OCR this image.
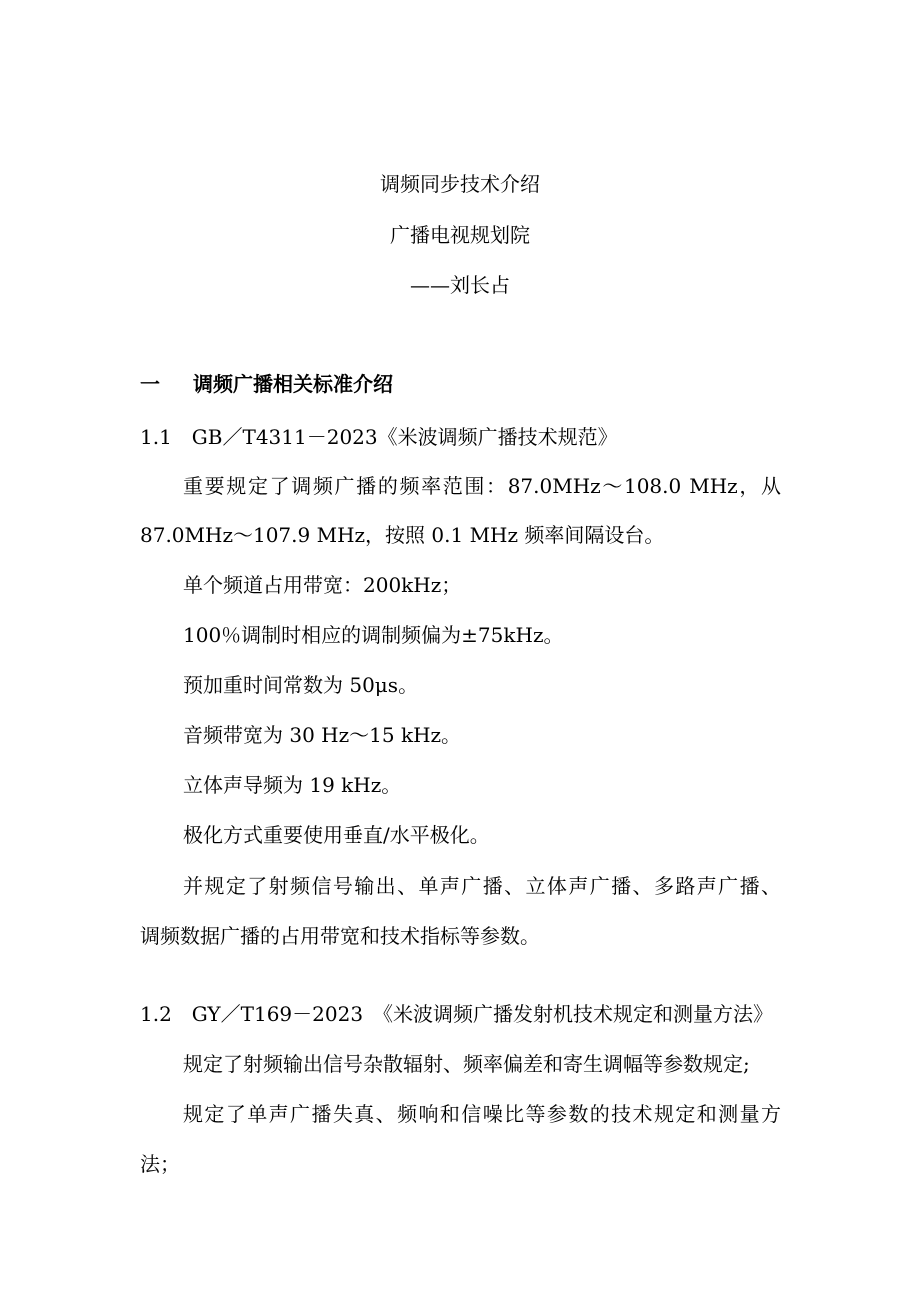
调频同步技术介绍
广播电视规划院
——刘长占
一 调频广播相关标准介绍
1.1　GB／T4311－2023《米波调频广播技术规范》
重要规定了调频广播的频率范围：87.0MHz～108.0 MHz，从
87.0MHz～107.9 MHz，按照 0.1 MHz 频率间隔设台。
单个频道占用带宽：200kHz；
100％调制时相应的调制频偏为±75kHz。
预加重时间常数为 50μs。
音频带宽为 30 Hz～15 kHz。
立体声导频为 19 kHz。
极化方式重要使用垂直/水平极化。
并规定了射频信号输出、单声广播、立体声广播、多路声广播、
调频数据广播的占用带宽和技术指标等参数。
1.2　GY／T169－2023　《米波调频广播发射机技术规定和测量方法》
规定了射频输出信号杂散辐射、频率偏差和寄生调幅等参数规定;
规定了单声广播失真、频响和信噪比等参数的技术规定和测量方
法；
